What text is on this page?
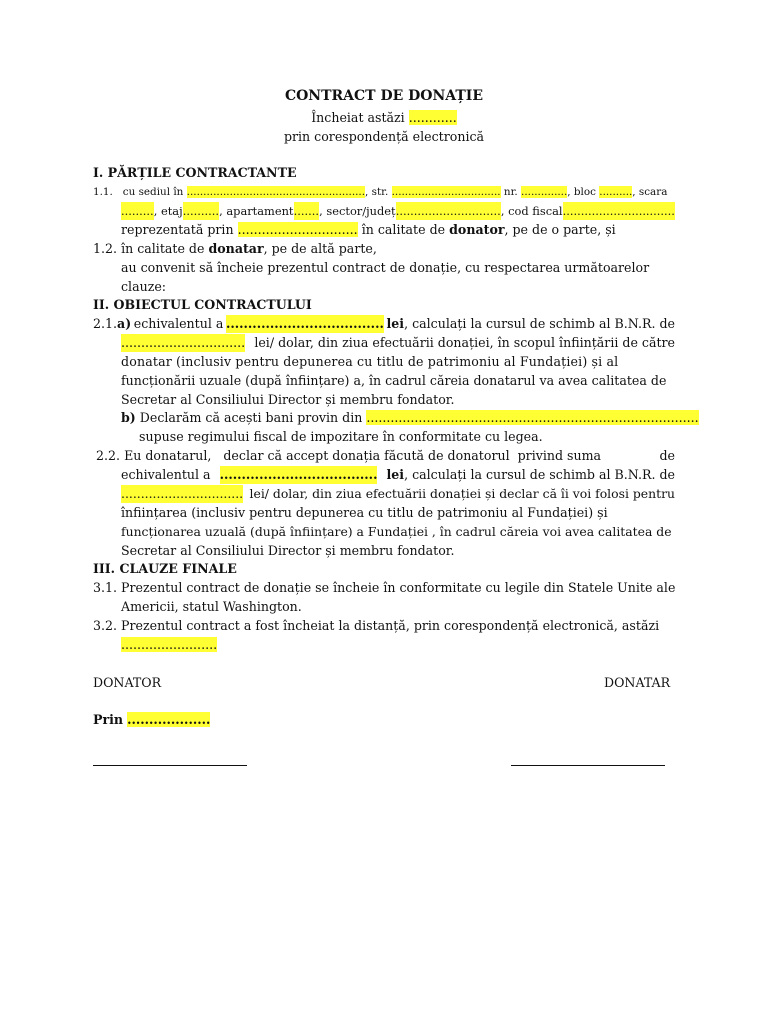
CONTRACT DE DONAȚIE
Încheiat astăzi ............
prin corespondență electronică
I. PĂRȚILE CONTRACTANTE
1.1. cu sediul în ......................................................, str. ................................. nr. .............., bloc .........., scara
......... , etaj .......... , apartament ....... , sector/județ ............................. , cod fiscal ...............................
reprezentată prin .............................. în calitate de donator, pe de o parte, și
1.2. în calitate de donatar, pe de altă parte,
au convenit să încheie prezentul contract de donație, cu respectarea următoarelor
clauze:
II. OBIECTUL CONTRACTULUI
2.1.a) echivalentul a .................................... lei, calculați la cursul de schimb al B.N.R. de
............................... lei/ dolar, din ziua efectuării donației, în scopul înființării de către
donatar (inclusiv pentru depunerea cu titlu de patrimoniu al Fundației) și al
funcționării uzuale (după înființare) a, în cadrul căreia donatarul va avea calitatea de
Secretar al Consiliului Director și membru fondator.
b) Declarăm că acești bani provin din ...................................................................................
supuse regimului fiscal de impozitare în conformitate cu legea.
2.2. Eu donatarul,   declar că accept donația făcută de donatorul  privind suma	de
echivalentul a .................................... lei, calculați la cursul de schimb al B.N.R. de
............................... lei/ dolar, din ziua efectuării donației și declar că îi voi folosi pentru
înființarea (inclusiv pentru depunerea cu titlu de patrimoniu al Fundației) și
funcționarea uzuală (după înființare) a Fundației , în cadrul căreia voi avea calitatea de
Secretar al Consiliului Director și membru fondator.
III. CLAUZE FINALE
3.1. Prezentul contract de donație se încheie în conformitate cu legile din Statele Unite ale
Americii, statul Washington.
3.2. Prezentul contract a fost încheiat la distanță, prin corespondență electronică, astăzi
........................
DONATOR	DONATAR
Prin ...................
